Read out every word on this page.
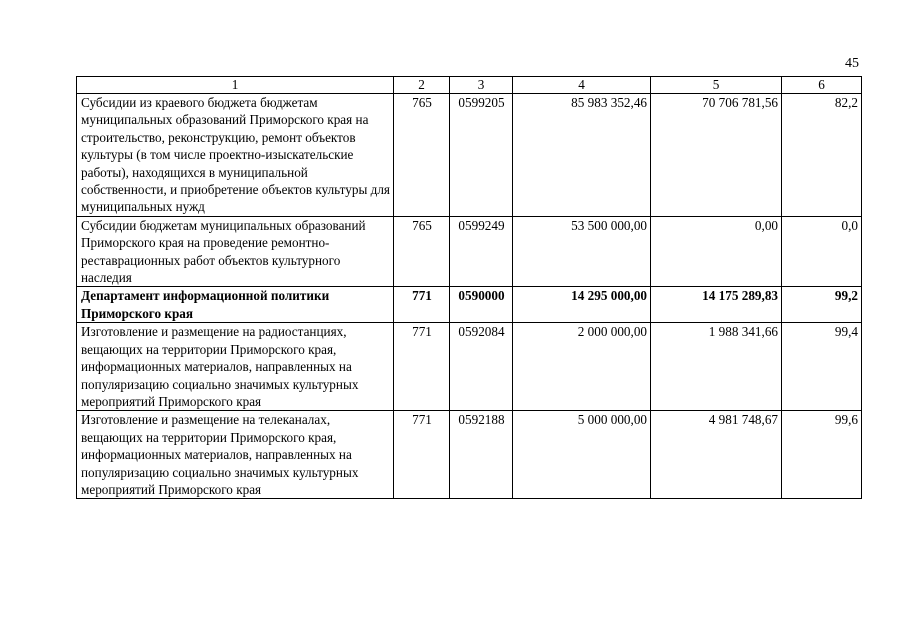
45
1	2	3	4	5	6
Субсидии из краевого бюджета бюджетам муниципальных образований Приморского края на строительство, реконструкцию, ремонт объектов культуры (в том числе проектно-изыскательские работы), находящихся в муниципальной собственности, и приобретение объектов культуры для муниципальных нужд	765	0599205	85 983 352,46	70 706 781,56	82,2
Субсидии бюджетам муниципальных образований Приморского края на проведение ремонтно-реставрационных работ объектов культурного наследия	765	0599249	53 500 000,00	0,00	0,0
Департамент информационной политики Приморского края	771	0590000	14 295 000,00	14 175 289,83	99,2
Изготовление и размещение на радиостанциях, вещающих на территории Приморского края, информационных материалов, направленных на популяризацию социально значимых культурных мероприятий Приморского края	771	0592084	2 000 000,00	1 988 341,66	99,4
Изготовление и размещение на телеканалах, вещающих на территории Приморского края, информационных материалов, направленных на популяризацию социально значимых культурных мероприятий Приморского края	771	0592188	5 000 000,00	4 981 748,67	99,6
